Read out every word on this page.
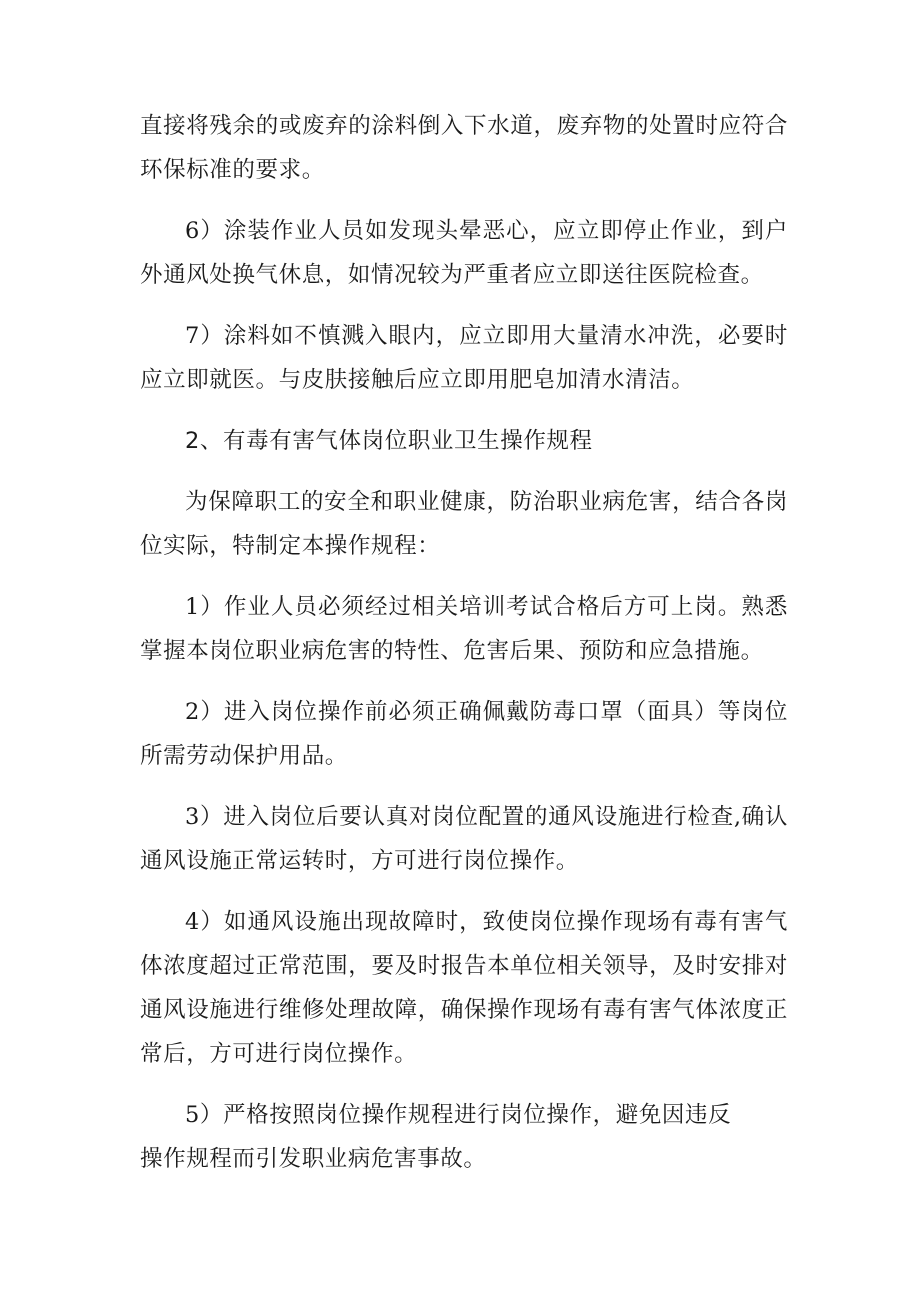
直接将残余的或废弃的涂料倒入下水道，废弃物的处置时应符合环保标准的要求。

6）涂装作业人员如发现头晕恶心，应立即停止作业，到户外通风处换气休息，如情况较为严重者应立即送往医院检查。

7）涂料如不慎溅入眼内，应立即用大量清水冲洗，必要时应立即就医。与皮肤接触后应立即用肥皂加清水清洁。

2、有毒有害气体岗位职业卫生操作规程

为保障职工的安全和职业健康，防治职业病危害，结合各岗位实际，特制定本操作规程：

1）作业人员必须经过相关培训考试合格后方可上岗。熟悉掌握本岗位职业病危害的特性、危害后果、预防和应急措施。

2）进入岗位操作前必须正确佩戴防毒口罩（面具）等岗位所需劳动保护用品。

3）进入岗位后要认真对岗位配置的通风设施进行检查,确认通风设施正常运转时，方可进行岗位操作。

4）如通风设施出现故障时，致使岗位操作现场有毒有害气体浓度超过正常范围，要及时报告本单位相关领导，及时安排对通风设施进行维修处理故障，确保操作现场有毒有害气体浓度正常后，方可进行岗位操作。

5）严格按照岗位操作规程进行岗位操作，避免因违反

操作规程而引发职业病危害事故。
